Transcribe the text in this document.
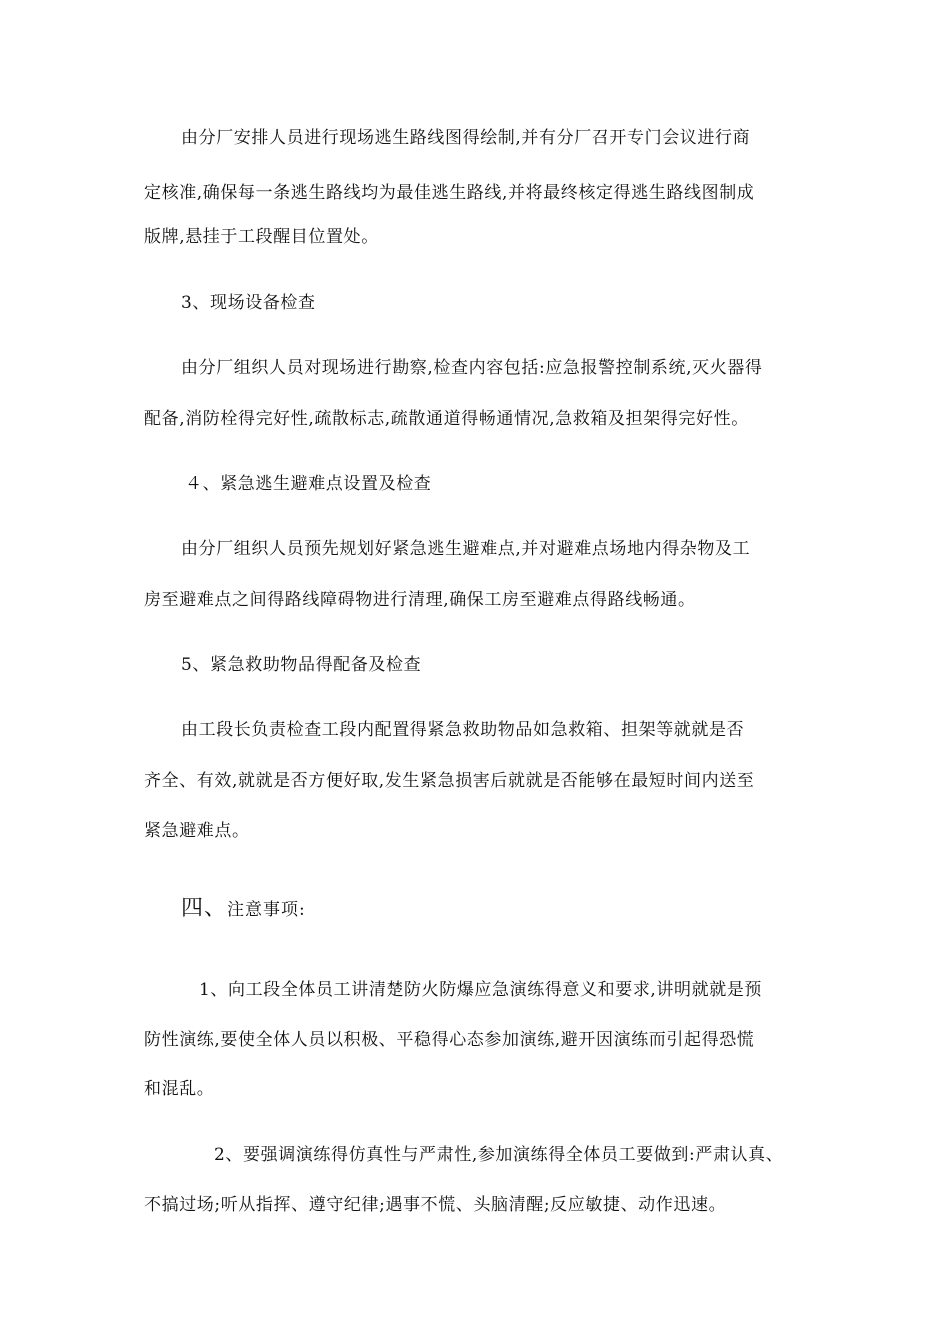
由分厂安排人员进行现场逃生路线图得绘制,并有分厂召开专门会议进行商
定核准,确保每一条逃生路线均为最佳逃生路线,并将最终核定得逃生路线图制成
版牌,悬挂于工段醒目位置处。
3、现场设备检查
由分厂组织人员对现场进行勘察,检查内容包括:应急报警控制系统,灭火器得
配备,消防栓得完好性,疏散标志,疏散通道得畅通情况,急救箱及担架得完好性。
４、紧急逃生避难点设置及检查
由分厂组织人员预先规划好紧急逃生避难点,并对避难点场地内得杂物及工
房至避难点之间得路线障碍物进行清理,确保工房至避难点得路线畅通。
5、紧急救助物品得配备及检查
由工段长负责检查工段内配置得紧急救助物品如急救箱、担架等就就是否
齐全、有效,就就是否方便好取,发生紧急损害后就就是否能够在最短时间内送至
紧急避难点。
四、注意事项:
1、向工段全体员工讲清楚防火防爆应急演练得意义和要求,讲明就就是预
防性演练,要使全体人员以积极、平稳得心态参加演练,避开因演练而引起得恐慌
和混乱。
2、要强调演练得仿真性与严肃性,参加演练得全体员工要做到:严肃认真、
不搞过场;听从指挥、遵守纪律;遇事不慌、头脑清醒;反应敏捷、动作迅速。
